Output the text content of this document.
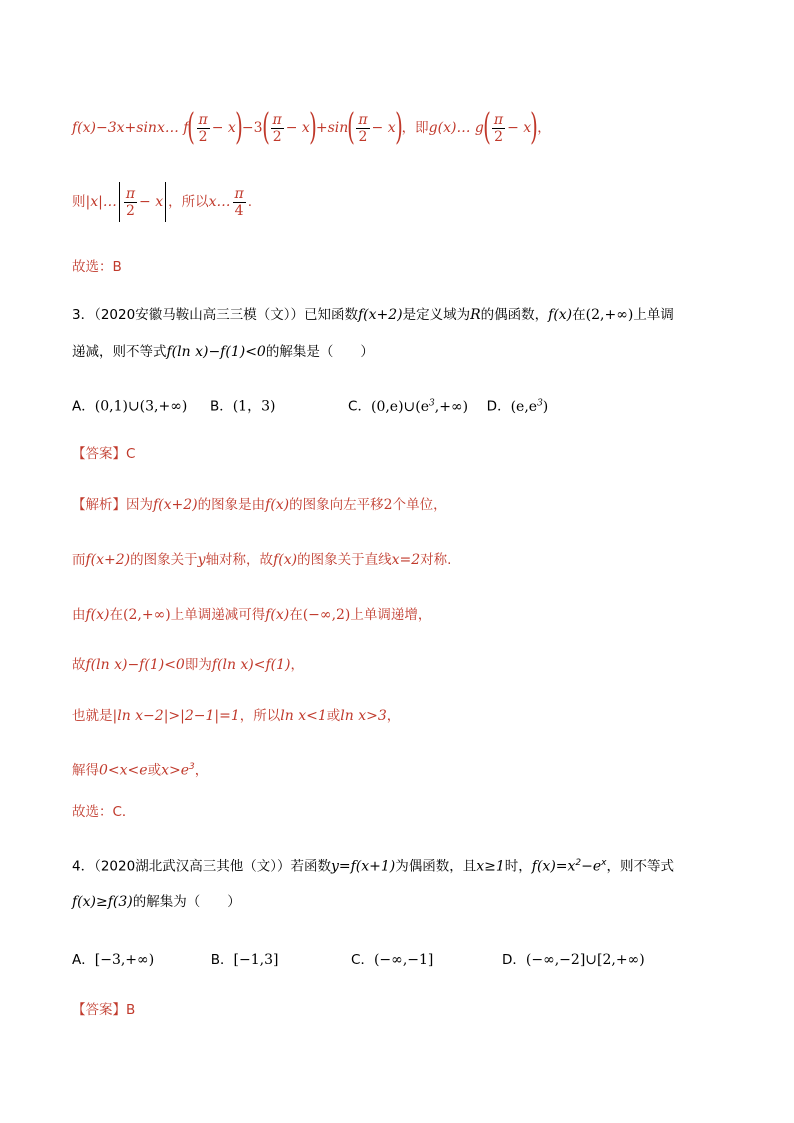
f(x)−3x+sinx… $f( \frac{\pi}{2} - x)-3( \frac{\pi}{2} - x)+\sin( \frac{\pi}{2} - x)$，即g(x)… $g( \frac{\pi}{2} - x)$，
则|x|… $\frac{\pi}{2} - x$ ，所以x… $\frac{\pi}{4}$ .
故选：B
3．（2020安徽马鞍山高三三模（文））已知函数f(x+2)是定义域为R的偶函数，f(x)在(2,+∞)上单调
递减，则不等式f(ln x)−f(1)<0的解集是（　　）
A．(0,1)∪(3,+∞) B．(1，3)	C．$(0,e)\cup(e^3,+\infty)$ D．$(e,e^3)$
【答案】C
【解析】因为f(x+2)的图象是由f(x)的图象向左平移2个单位，
而f(x+2)的图象关于y轴对称，故f(x)的图象关于直线x=2对称.
由f(x)在(2,+∞)上单调递减可得f(x)在(−∞,2)上单调递增，
故f(ln x)−f(1)<0即为f(ln x)<f(1)，
也就是|ln x−2|>|2−1|=1，所以ln x<1或ln x>3，
解得0<x<e或$x>e^3$，
故选：C．
4．（2020湖北武汉高三其他（文））若函数y=f(x+1)为偶函数，且x≥1时，$f(x)=x^2-e^x$，则不等式
f(x)≥f(3)的解集为（　　）
A．[−3,+∞)	B．[−1,3]	C．(−∞,−1]	D．(−∞,−2]∪[2,+∞)
【答案】B
